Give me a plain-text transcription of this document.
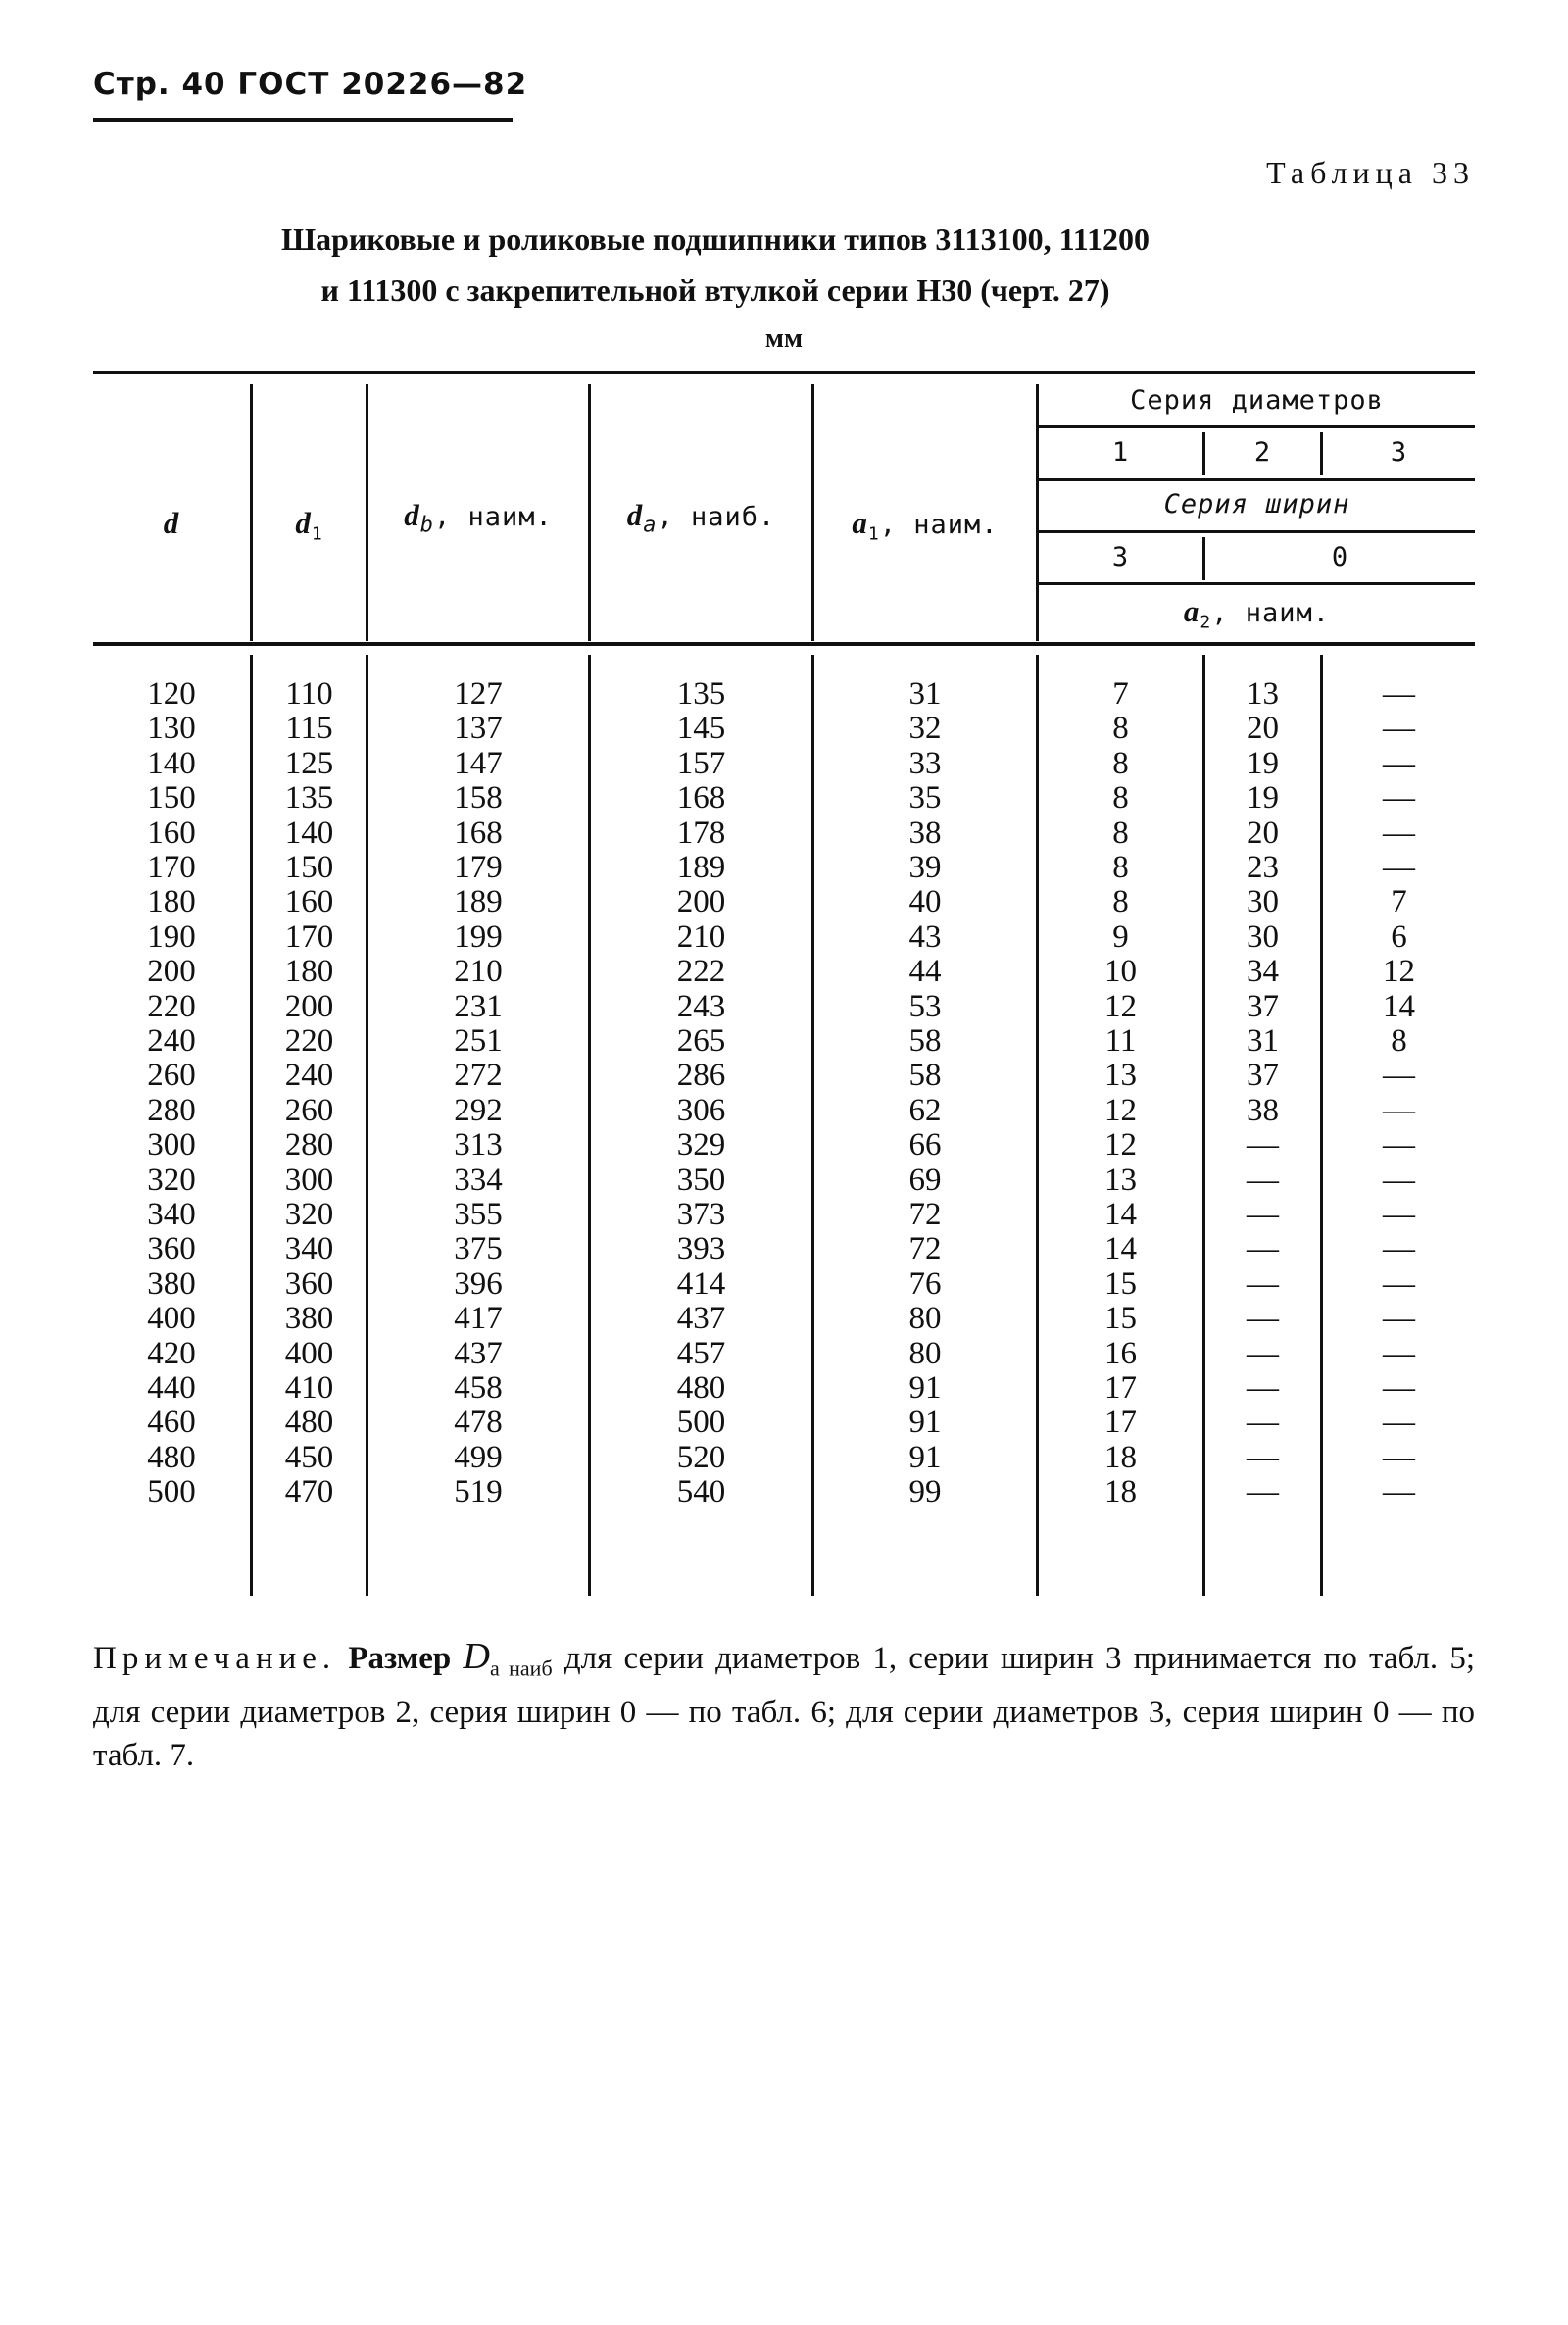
Стр. 40 ГОСТ 20226—82
Таблица 33
Шариковые и роликовые подшипники типов 3113100, 111200
и 111300 с закрепительной втулкой серии Н30 (черт. 27)
мм
d	$d_1$
$d_b$, наим.	$d_a$, наиб.	$a_1$, наим.
Серия диаметров
1	2	3
Серия ширин
3	0
$a_2$, наим.
120	110	127	135	31	7	13	—
130	115	137	145	32	8	20	—
140	125	147	157	33	8	19	—
150	135	158	168	35	8	19	—
160	140	168	178	38	8	20	—
170	150	179	189	39	8	23	—
180	160	189	200	40	8	30	7
190	170	199	210	43	9	30	6
200	180	210	222	44	10	34	12
220	200	231	243	53	12	37	14
240	220	251	265	58	11	31	8
260	240	272	286	58	13	37	—
280	260	292	306	62	12	38	—
300	280	313	329	66	12	—	—
320	300	334	350	69	13	—	—
340	320	355	373	72	14	—	—
360	340	375	393	72	14	—	—
380	360	396	414	76	15	—	—
400	380	417	437	80	15	—	—
420	400	437	457	80	16	—	—
440	410	458	480	91	17	—	—
460	480	478	500	91	17	—	—
480	450	499	520	91	18	—	—
500	470	519	540	99	18	—	—
Примечание. Размер $D_{a наиб}$ для серии диаметров 1, серии ширин 3 принимается по табл. 5; для серии диаметров 2, серия ширин 0 — по табл. 6; для серии диаметров 3, серия ширин 0 — по табл. 7.
